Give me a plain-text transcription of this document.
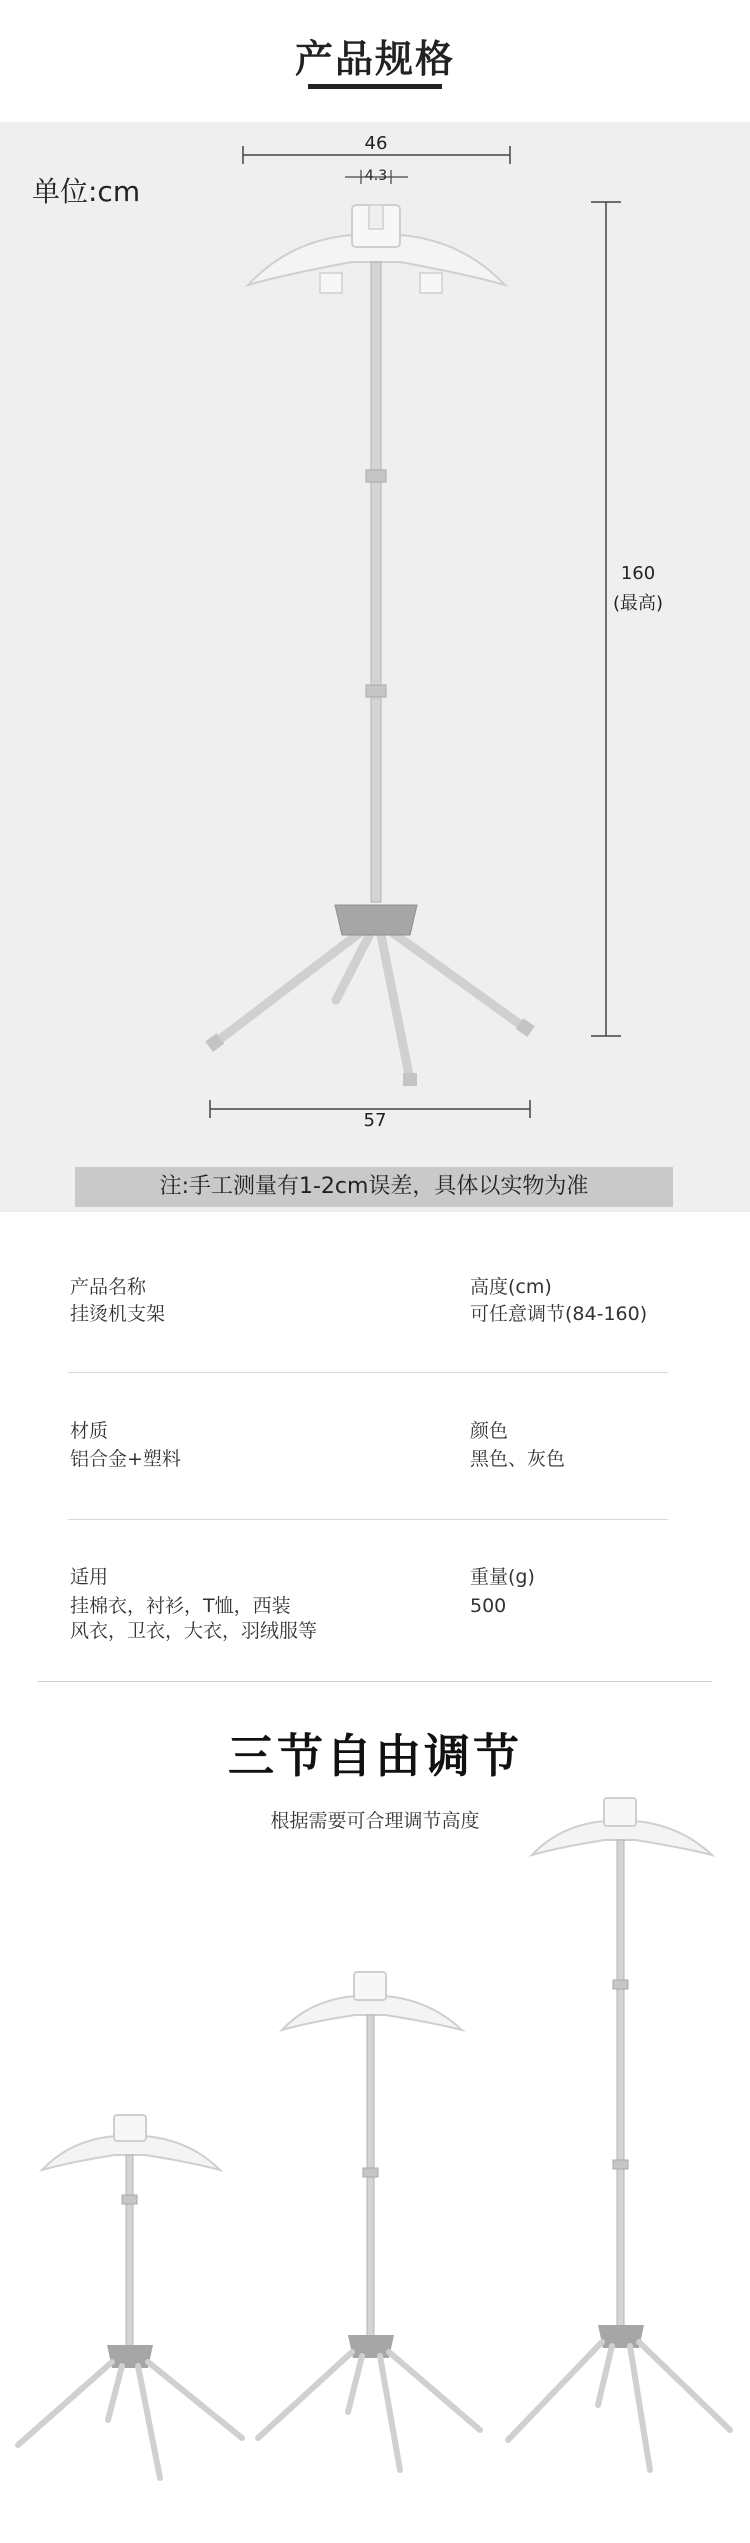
产品规格
单位:cm
46
4.3
160
(最高)
57
注:手工测量有1-2cm误差，具体以实物为准
产品名称
挂烫机支架
高度(cm)
可任意调节(84-160)
材质
铝合金+塑料
颜色
黑色、灰色
适用
挂棉衣，衬衫，T恤，西装
风衣，卫衣，大衣，羽绒服等
重量(g)
500
三节自由调节
根据需要可合理调节高度
